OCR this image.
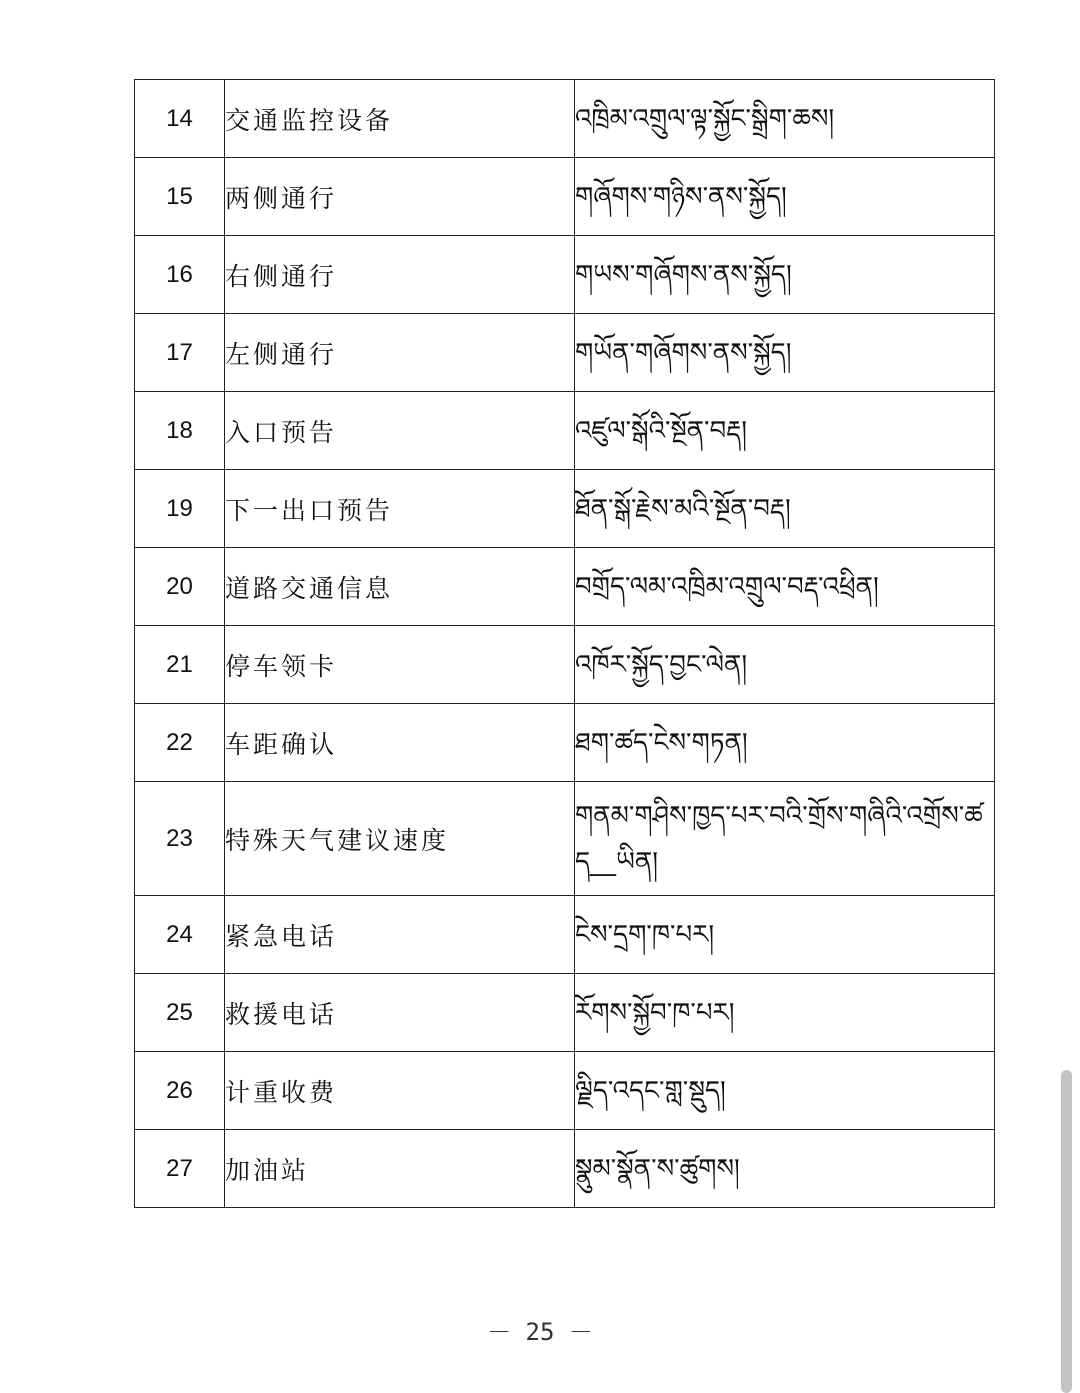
14	交通监控设备	འཁྲིམ་འགྲུལ་ལྟ་སྐྱོང་སྒྲིག་ཆས།
15	两侧通行	གཞོགས་གཉིས་ནས་སྐྱོད།
16	右侧通行	གཡས་གཞོགས་ནས་སྐྱོད།
17	左侧通行	གཡོན་གཞོགས་ནས་སྐྱོད།
18	入口预告	འཛུལ་སྒོའི་སྔོན་བརྡ།
19	下一出口预告	ཐོན་སྒོ་རྗེས་མའི་སྔོན་བརྡ།
20	道路交通信息	བགྲོད་ལམ་འཁྲིམ་འགྲུལ་བརྡ་འཕྲིན།
21	停车领卡	འཁོར་སྐྱོད་བྱང་ལེན།
22	车距确认	ཐག་ཚད་ངེས་གཏན།
23	特殊天气建议速度	གནམ་གཤིས་ཁྱད་པར་བའི་གྲོས་གཞིའི་འགྲོས་ཚད__ཡིན།
24	紧急电话	ངེས་དྲག་ཁ་པར།
25	救援电话	རོགས་སྐྱོབ་ཁ་པར།
26	计重收费	ལྗིད་འདང་གླ་སྡུད།
27	加油站	སྣུམ་སྣོན་ས་ཚུགས།
－ 25 －
